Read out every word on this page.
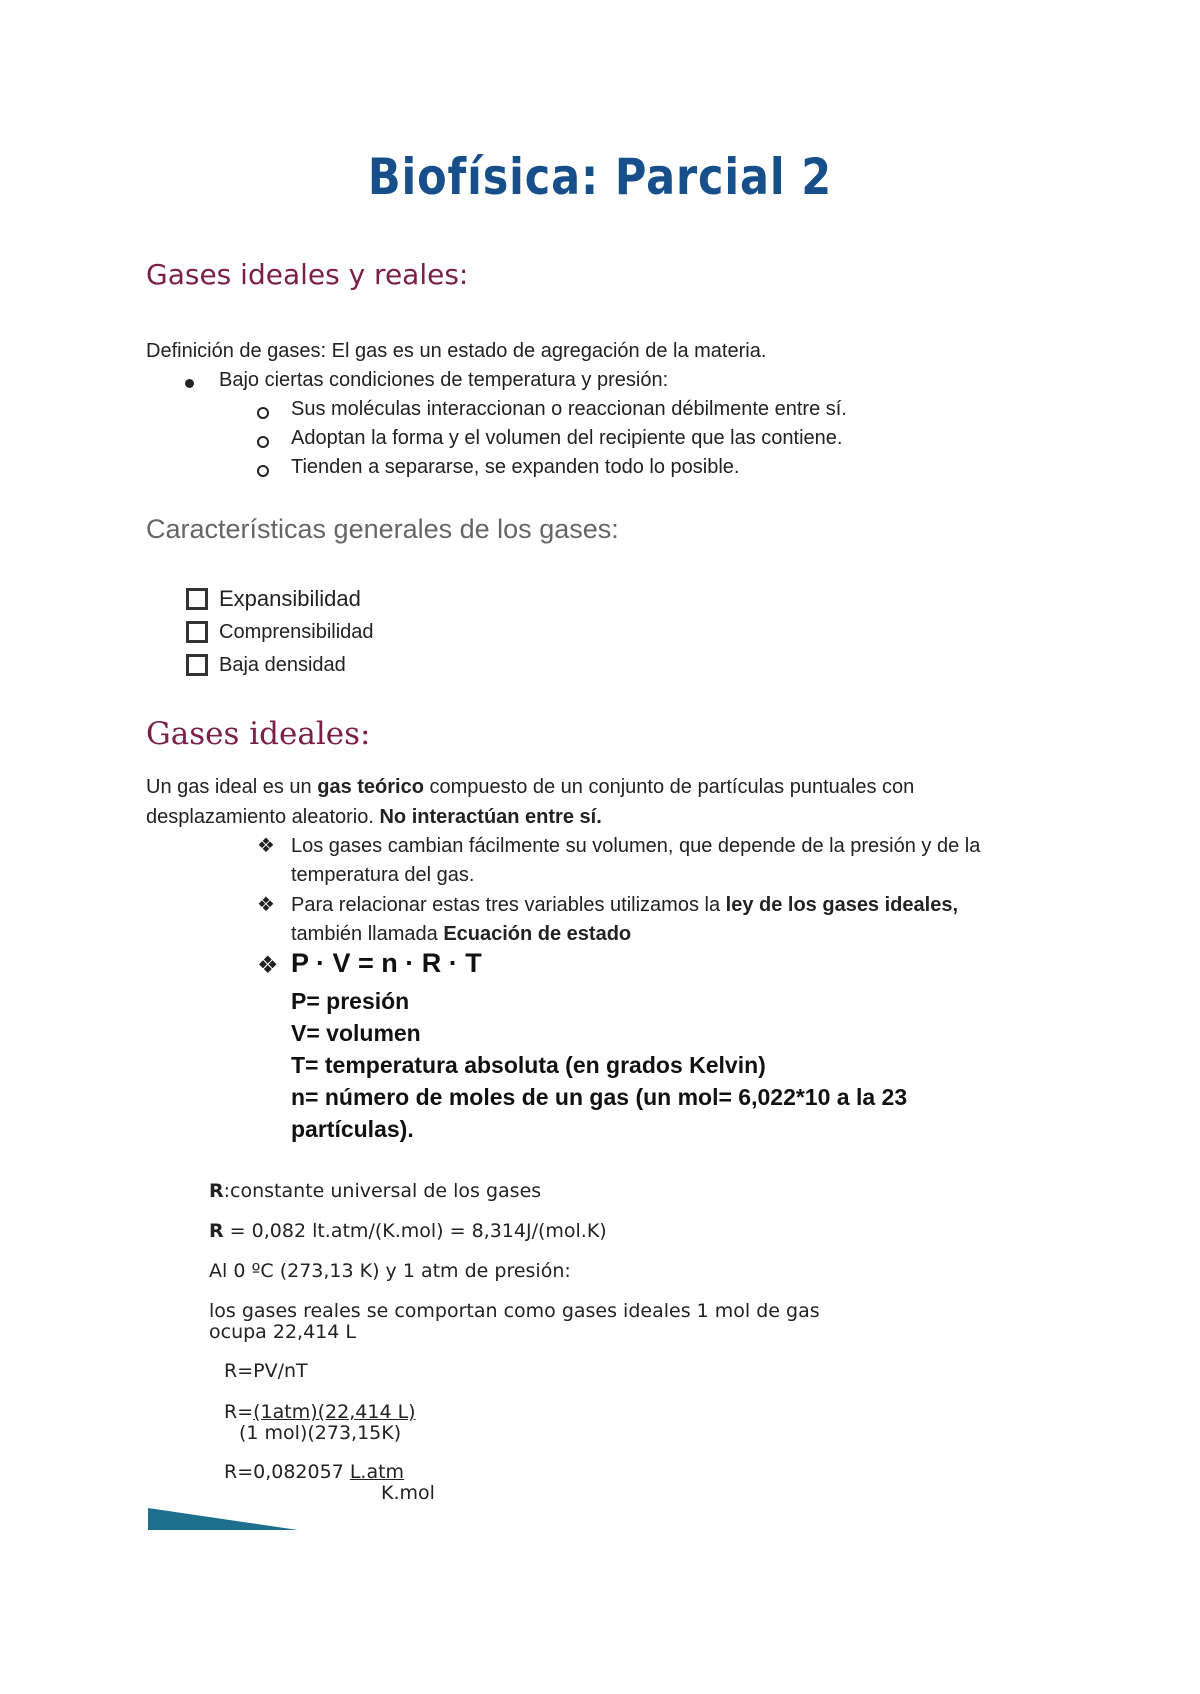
Biofísica: Parcial 2
Gases ideales y reales:
Definición de gases: El gas es un estado de agregación de la materia.
Bajo ciertas condiciones de temperatura y presión:
Sus moléculas interaccionan o reaccionan débilmente entre sí.
Adoptan la forma y el volumen del recipiente que las contiene.
Tienden a separarse, se expanden todo lo posible.
Características generales de los gases:
Expansibilidad
Comprensibilidad
Baja densidad
Gases ideales:
Un gas ideal es un gas teórico compuesto de un conjunto de partículas puntuales con
desplazamiento aleatorio. No interactúan entre sí.
❖ Los gases cambian fácilmente su volumen, que depende de la presión y de la
temperatura del gas.
❖ Para relacionar estas tres variables utilizamos la ley de los gases ideales,
también llamada Ecuación de estado
❖ P · V = n · R · T
P= presión
V= volumen
T= temperatura absoluta (en grados Kelvin)
n= número de moles de un gas (un mol= 6,022*10 a la 23
partículas).
R:constante universal de los gases
R = 0,082 lt.atm/(K.mol) = 8,314J/(mol.K)
Al 0 ºC (273,13 K) y 1 atm de presión:
los gases reales se comportan como gases ideales 1 mol de gas
ocupa 22,414 L
R=PV/nT
R=(1atm)(22,414 L)
(1 mol)(273,15K)
R=0,082057 L.atm
K.mol
